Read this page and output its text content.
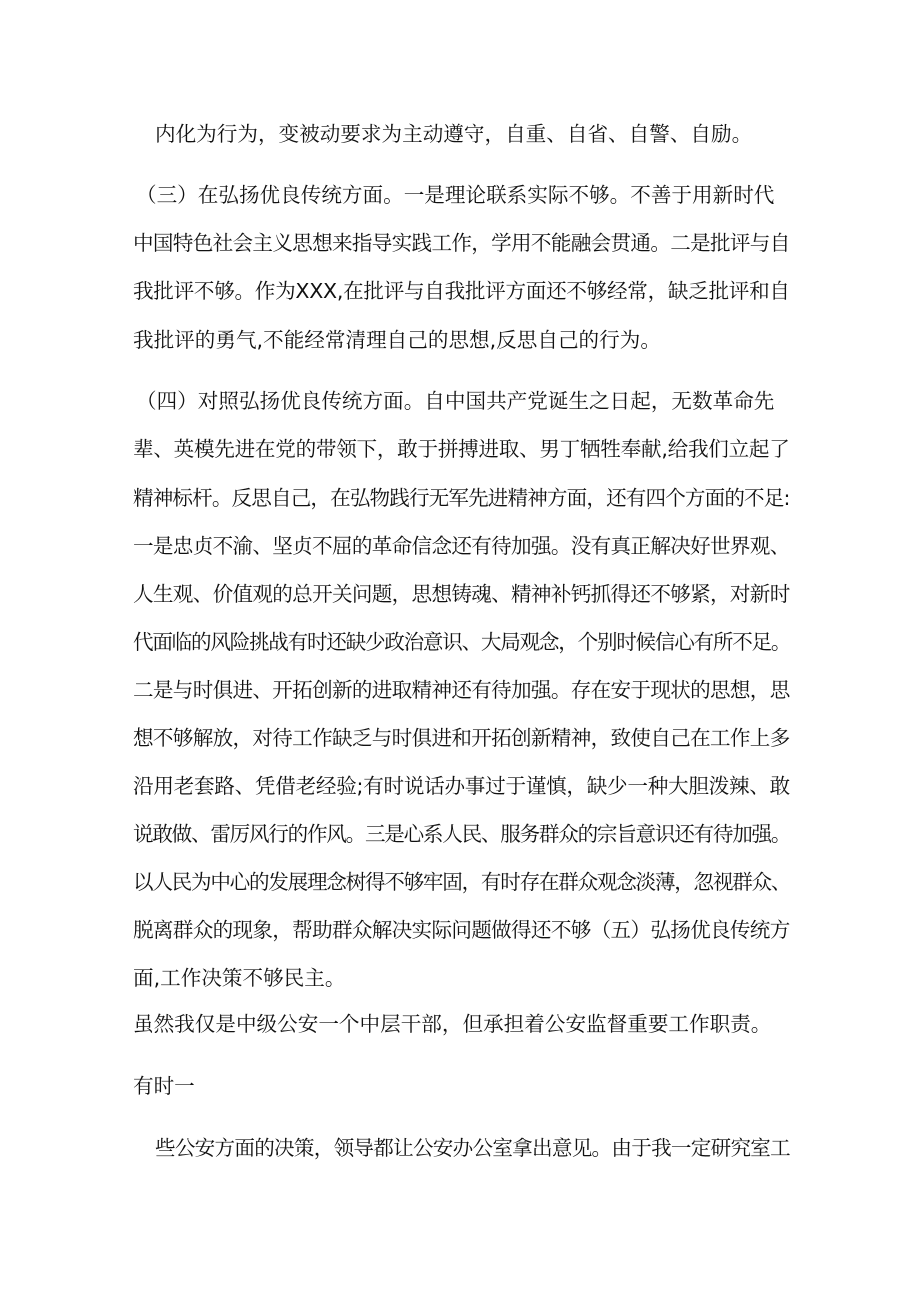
内化为行为，变被动要求为主动遵守，自重、自省、自警、自励。
（三）在弘扬优良传统方面。一是理论联系实际不够。不善于用新时代
中国特色社会主义思想来指导实践工作，学用不能融会贯通。二是批评与自
我批评不够。作为XXX,在批评与自我批评方面还不够经常，缺乏批评和自
我批评的勇气,不能经常清理自己的思想,反思自己的行为。
（四）对照弘扬优良传统方面。自中国共产党诞生之日起，无数革命先
辈、英模先进在党的带领下，敢于拼搏进取、男丁牺牲奉献,给我们立起了
精神标杆。反思自己，在弘物践行无军先进精神方面，还有四个方面的不足:
一是忠贞不渝、坚贞不屈的革命信念还有待加强。没有真正解决好世界观、
人生观、价值观的总开关问题，思想铸魂、精神补钙抓得还不够紧，对新时
代面临的风险挑战有时还缺少政治意识、大局观念，个别时候信心有所不足。
二是与时俱进、开拓创新的进取精神还有待加强。存在安于现状的思想，思
想不够解放，对待工作缺乏与时俱进和开拓创新精神，致使自己在工作上多
沿用老套路、凭借老经验;有时说话办事过于谨慎，缺少一种大胆泼辣、敢
说敢做、雷厉风行的作风。三是心系人民、服务群众的宗旨意识还有待加强。
以人民为中心的发展理念树得不够牢固，有时存在群众观念淡薄，忽视群众、
脱离群众的现象，帮助群众解决实际问题做得还不够（五）弘扬优良传统方
面,工作决策不够民主。
虽然我仅是中级公安一个中层干部，但承担着公安监督重要工作职责。
有时一
些公安方面的决策，领导都让公安办公室拿出意见。由于我一定研究室工
